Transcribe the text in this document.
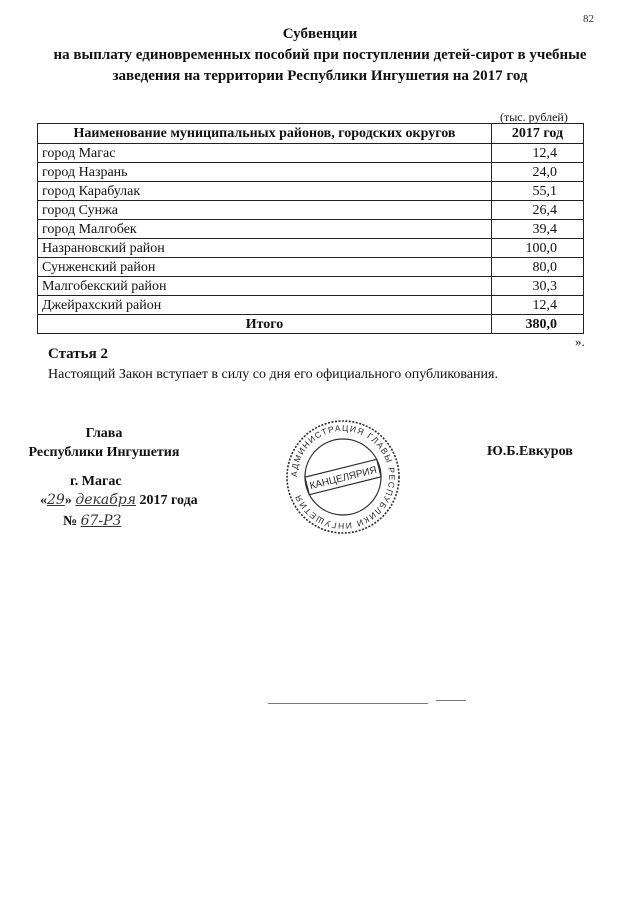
82
Субвенции
на выплату единовременных пособий при поступлении детей-сирот в учебные
заведения на территории Республики Ингушетия на 2017 год
(тыс. рублей)
Наименование муниципальных районов, городских округов	2017 год
город Магас	12,4
город Назрань	24,0
город Карабулак	55,1
город Сунжа	26,4
город Малгобек	39,4
Назрановский район	100,0
Сунженский район	80,0
Малгобекский район	30,3
Джейрахский район	12,4
Итого	380,0
».
Статья 2
Настоящий Закон вступает в силу со дня его официального опубликования.
Глава
Республики Ингушетия	Ю.Б.Евкуров
г. Магас
«29» декабря 2017 года
№ 67-РЗ
АДМИНИСТРАЦИЯ ГЛАВЫ РЕСПУБЛИКИ ИНГУШЕТИЯ
КАНЦЕЛЯРИЯ
